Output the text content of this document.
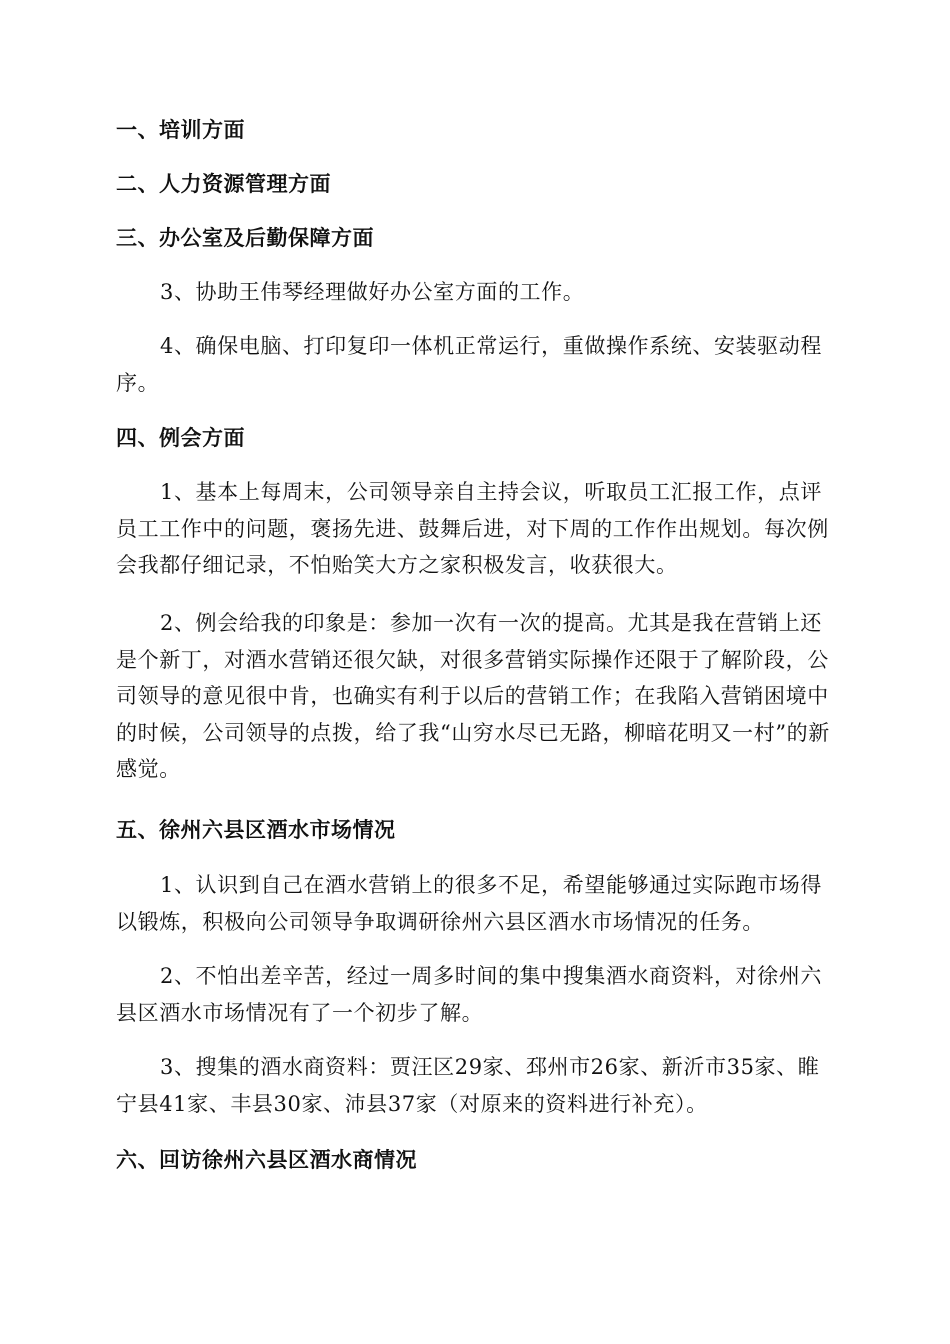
一、培训方面
二、人力资源管理方面
三、办公室及后勤保障方面
3、协助王伟琴经理做好办公室方面的工作。
4、确保电脑、打印复印一体机正常运行，重做操作系统、安装驱动程序。
四、例会方面
1、基本上每周末，公司领导亲自主持会议，听取员工汇报工作，点评员工工作中的问题，褒扬先进、鼓舞后进，对下周的工作作出规划。每次例会我都仔细记录，不怕贻笑大方之家积极发言，收获很大。
2、例会给我的印象是：参加一次有一次的提高。尤其是我在营销上还是个新丁，对酒水营销还很欠缺，对很多营销实际操作还限于了解阶段，公司领导的意见很中肯，也确实有利于以后的营销工作；在我陷入营销困境中的时候，公司领导的点拨，给了我“山穷水尽已无路，柳暗花明又一村”的新感觉。
五、徐州六县区酒水市场情况
1、认识到自己在酒水营销上的很多不足，希望能够通过实际跑市场得以锻炼，积极向公司领导争取调研徐州六县区酒水市场情况的任务。
2、不怕出差辛苦，经过一周多时间的集中搜集酒水商资料，对徐州六县区酒水市场情况有了一个初步了解。
3、搜集的酒水商资料：贾汪区29家、邳州市26家、新沂市35家、睢宁县41家、丰县30家、沛县37家（对原来的资料进行补充）。
六、回访徐州六县区酒水商情况
